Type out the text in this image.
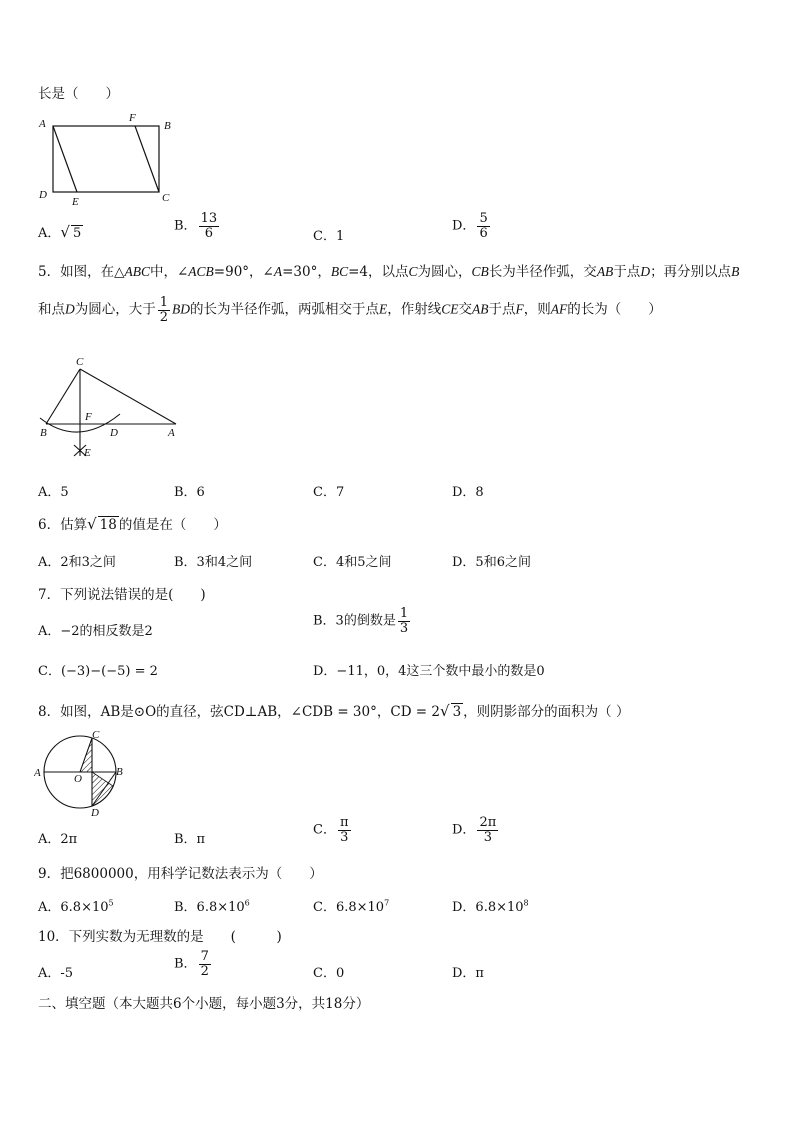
长是（　　）
A	F
B
D
E	C
A．√ 5	B． $\frac{13}{6}$	C．1
D． $\frac{5}{6}$
5．如图，在△ABC中，∠ACB=90°，∠A=30°，BC=4，以点C为圆心，CB长为半径作弧，交AB于点D；再分别以点B
和点D为圆心，大于 $\frac{1}{2}$ BD的长为半径作弧，两弧相交于点E，作射线CE交AB于点F，则AF的长为（　　）
C
F
B	D	A
E
A．5	B．6	C．7	D．8
6．估算√ 18 的值是在（　　）
A．2和3之间	B．3和4之间	C．4和5之间	D．5和6之间
7．下列说法错误的是(　　)
A．−2的相反数是2
B．3的倒数是 $\frac{1}{3}$
C．(−3)−(−5) = 2	D．−11，0，4这三个数中最小的数是0
8．如图，AB是⊙O的直径，弦CD⊥AB，∠CDB = 30°，CD = 2√ 3 ，则阴影部分的面积为（ ）
A
C
O
B
D
A．2π	B．π
C． $\frac{\pi}{3}$	D． $\frac{2\pi}{3}$
9．把6800000，用科学记数法表示为（　　）
A．$6.8\times 10^5$	B．$6.8\times 10^6$	C．$6.8\times 10^7$	D．$6.8\times 10^8$
10．下列实数为无理数的是　　(　　　)
A．-5
B． $\frac{7}{2}$	C．0	D．π
二、填空题（本大题共6个小题，每小题3分，共18分）
